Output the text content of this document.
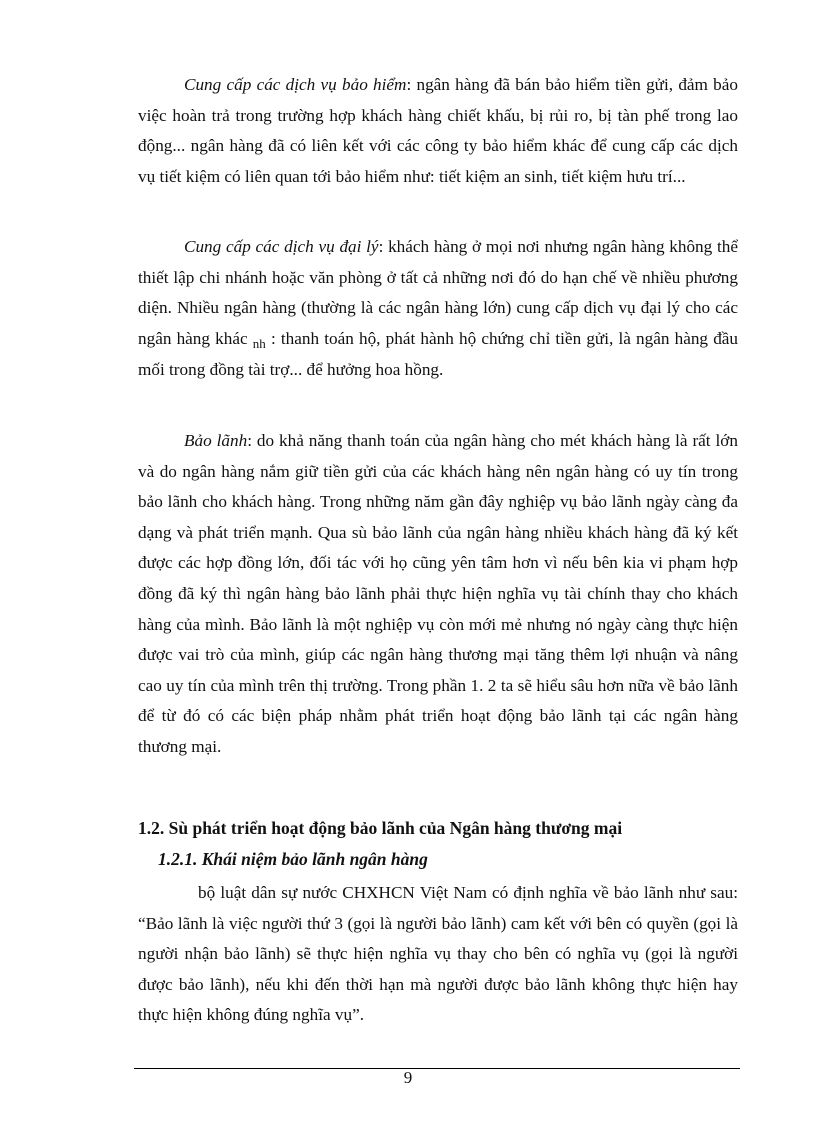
Cung cấp các dịch vụ bảo hiểm: ngân hàng đã bán bảo hiểm tiền gửi, đảm bảo việc hoàn trả trong trường hợp khách hàng chiết khấu, bị rủi ro, bị tàn phế trong lao động... ngân hàng đã có liên kết với các công ty bảo hiểm khác để cung cấp các dịch vụ tiết kiệm có liên quan tới bảo hiểm như: tiết kiệm an sinh, tiết kiệm hưu trí...

Cung cấp các dịch vụ đại lý: khách hàng ở mọi nơi nhưng ngân hàng không thể thiết lập chi nhánh hoặc văn phòng ở tất cả những nơi đó do hạn chế về nhiều phương diện. Nhiều ngân hàng (thường là các ngân hàng lớn) cung cấp dịch vụ đại lý cho các ngân hàng khác $_{nh}$ : thanh toán hộ, phát hành hộ chứng chỉ tiền gửi, là ngân hàng đầu mối trong đồng tài trợ... để hưởng hoa hồng.

Bảo lãnh: do khả năng thanh toán của ngân hàng cho mét khách hàng là rất lớn và do ngân hàng nắm giữ tiền gửi của các khách hàng nên ngân hàng có uy tín trong bảo lãnh cho khách hàng. Trong những năm gần đây nghiệp vụ bảo lãnh ngày càng đa dạng và phát triển mạnh. Qua sù bảo lãnh của ngân hàng nhiều khách hàng đã ký kết được các hợp đồng lớn, đối tác với họ cũng yên tâm hơn vì nếu bên kia vi phạm hợp đồng đã ký thì ngân hàng bảo lãnh phải thực hiện nghĩa vụ tài chính thay cho khách hàng của mình. Bảo lãnh là một nghiệp vụ còn mới mẻ nhưng nó ngày càng thực hiện được vai trò của mình, giúp các ngân hàng thương mại tăng thêm lợi nhuận và nâng cao uy tín của mình trên thị trường. Trong phần 1. 2 ta sẽ hiểu sâu hơn nữa về bảo lãnh để từ đó có các biện pháp nhằm phát triển hoạt động bảo lãnh tại các ngân hàng thương mại.

1.2. Sù phát triển hoạt động bảo lãnh của Ngân hàng thương mại
1.2.1. Khái niệm bảo lãnh ngân hàng

bộ luật dân sự nước CHXHCN Việt Nam có định nghĩa về bảo lãnh như sau: “Bảo lãnh là việc người thứ 3 (gọi là người bảo lãnh) cam kết với bên có quyền (gọi là người nhận bảo lãnh) sẽ thực hiện nghĩa vụ thay cho bên có nghĩa vụ (gọi là người được bảo lãnh), nếu khi đến thời hạn mà người được bảo lãnh không thực hiện hay thực hiện không đúng nghĩa vụ”.

9
